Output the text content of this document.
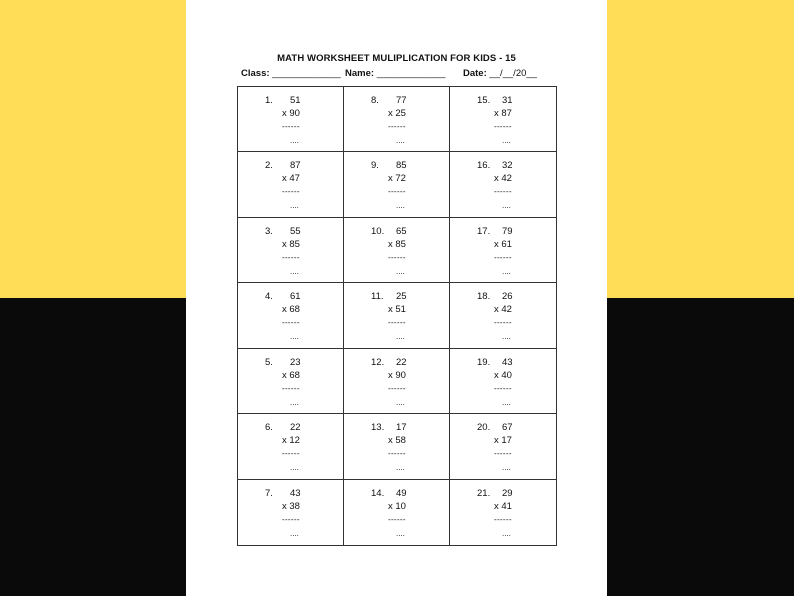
MATH WORKSHEET MULIPLICATION FOR KIDS - 15
Class: _____________ Name: _____________ Date: __/__/20__
1. 51
x 90
------
....
8. 77
x 25
------
....
15. 31
x 87
------
....
2. 87
x 47
------
....
9. 85
x 72
------
....
16. 32
x 42
------
....
3. 55
x 85
------
....
10. 65
x 85
------
....
17. 79
x 61
------
....
4. 61
x 68
------
....
11. 25
x 51
------
....
18. 26
x 42
------
....
5. 23
x 68
------
....
12. 22
x 90
------
....
19. 43
x 40
------
....
6. 22
x 12
------
....
13. 17
x 58
------
....
20. 67
x 17
------
....
7. 43
x 38
------
....
14. 49
x 10
------
....
21. 29
x 41
------
....
